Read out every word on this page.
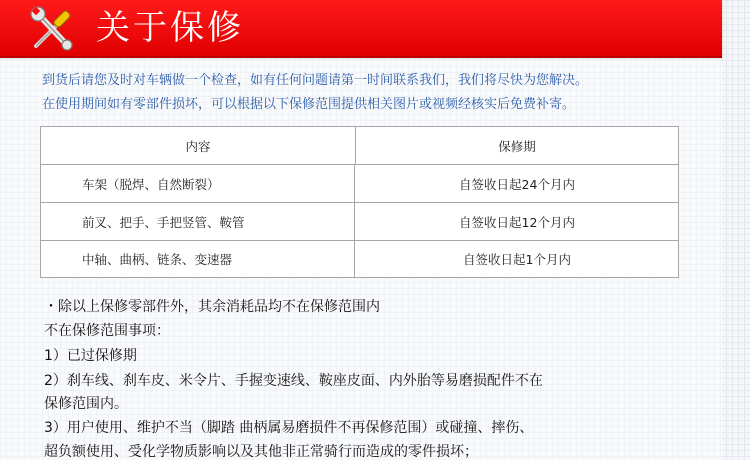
关于保修
到货后请您及时对车辆做一个检查，如有任何问题请第一时间联系我们，我们将尽快为您解决。
在使用期间如有零部件损坏，可以根据以下保修范围提供相关图片或视频经核实后免费补寄。
内容	保修期
车架（脱焊、自然断裂）	自签收日起24个月内
前叉、把手、手把竖管、鞍管	自签收日起12个月内
中轴、曲柄、链条、变速器	自签收日起1个月内
・除以上保修零部件外，其余消耗品均不在保修范围内
不在保修范围事项：
1）已过保修期
2）刹车线、刹车皮、米令片、手握变速线、鞍座皮面、内外胎等易磨损配件不在
保修范围内。
3）用户使用、维护不当（脚踏 曲柄属易磨损件不再保修范围）或碰撞、摔伤、
超负额使用、受化学物质影响以及其他非正常骑行而造成的零件损坏；
